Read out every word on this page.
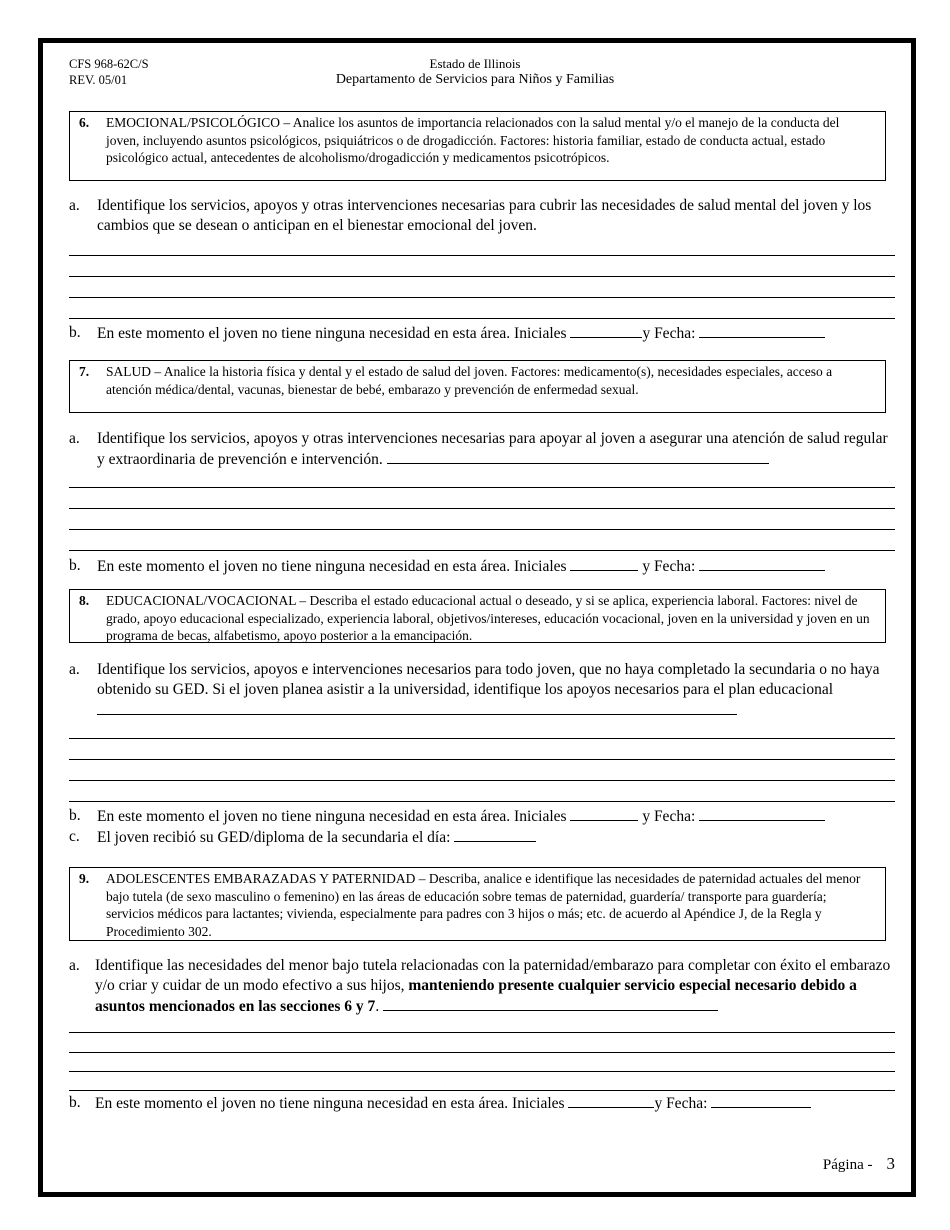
CFS 968-62C/S
REV. 05/01
Estado de Illinois
Departamento de Servicios para Niños y Familias
6. EMOCIONAL/PSICOLÓGICO – Analice los asuntos de importancia relacionados con la salud mental y/o el manejo de la conducta del joven, incluyendo asuntos psicológicos, psiquiátricos o de drogadicción. Factores: historia familiar, estado de conducta actual, estado psicológico actual, antecedentes de alcoholismo/drogadicción y medicamentos psicotrópicos.
a. Identifique los servicios, apoyos y otras intervenciones necesarias para cubrir las necesidades de salud mental del joven y los cambios que se desean o anticipan en el bienestar emocional del joven.
b. En este momento el joven no tiene ninguna necesidad en esta área. Iniciales	y Fecha:
7. SALUD – Analice la historia física y dental y el estado de salud del joven. Factores: medicamento(s), necesidades especiales, acceso a atención médica/dental, vacunas, bienestar de bebé, embarazo y prevención de enfermedad sexual.
a. Identifique los servicios, apoyos y otras intervenciones necesarias para apoyar al joven a asegurar una atención de salud regular y extraordinaria de prevención e intervención.
b. En este momento el joven no tiene ninguna necesidad en esta área. Iniciales	y Fecha:
8. EDUCACIONAL/VOCACIONAL – Describa el estado educacional actual o deseado, y si se aplica, experiencia laboral. Factores: nivel de grado, apoyo educacional especializado, experiencia laboral, objetivos/intereses, educación vocacional, joven en la universidad y joven en un programa de becas, alfabetismo, apoyo posterior a la emancipación.
a. Identifique los servicios, apoyos e intervenciones necesarios para todo joven, que no haya completado la secundaria o no haya obtenido su GED. Si el joven planea asistir a la universidad, identifique los apoyos necesarios para el plan educacional
b. En este momento el joven no tiene ninguna necesidad en esta área. Iniciales	y Fecha:
c. El joven recibió su GED/diploma de la secundaria el día:
9. ADOLESCENTES EMBARAZADAS Y PATERNIDAD – Describa, analice e identifique las necesidades de paternidad actuales del menor bajo tutela (de sexo masculino o femenino) en las áreas de educación sobre temas de paternidad, guardería/ transporte para guardería; servicios médicos para lactantes; vivienda, especialmente para padres con 3 hijos o más; etc. de acuerdo al Apéndice J, de la Regla y Procedimiento 302.
a. Identifique las necesidades del menor bajo tutela relacionadas con la paternidad/embarazo para completar con éxito el embarazo y/o criar y cuidar de un modo efectivo a sus hijos, manteniendo presente cualquier servicio especial necesario debido a asuntos mencionados en las secciones 6 y 7.
b. En este momento el joven no tiene ninguna necesidad en esta área. Iniciales	y Fecha:
Página - 3
